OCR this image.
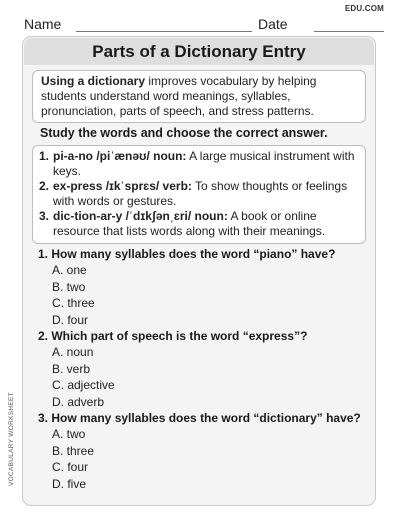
EDU.COM
Name	Date
Parts of a Dictionary Entry
Using a dictionary improves vocabulary by helping students understand word meanings, syllables, pronunciation, parts of speech, and stress patterns.
Study the words and choose the correct answer.
1. pi-a-no /piˈænəʊ/ noun: A large musical instrument with keys.
2. ex-press /ɪkˈsprɛs/ verb: To show thoughts or feelings with words or gestures.
3. dic-tion-ar-y /ˈdɪkʃənˌɛri/ noun: A book or online resource that lists words along with their meanings.
1. How many syllables does the word “piano” have?
A. one
B. two
C. three
D. four
2. Which part of speech is the word “express”?
A. noun
B. verb
C. adjective
D. adverb
3. How many syllables does the word “dictionary” have?
A. two
B. three
C. four
D. five
VOCABULARY WORKSHEET
